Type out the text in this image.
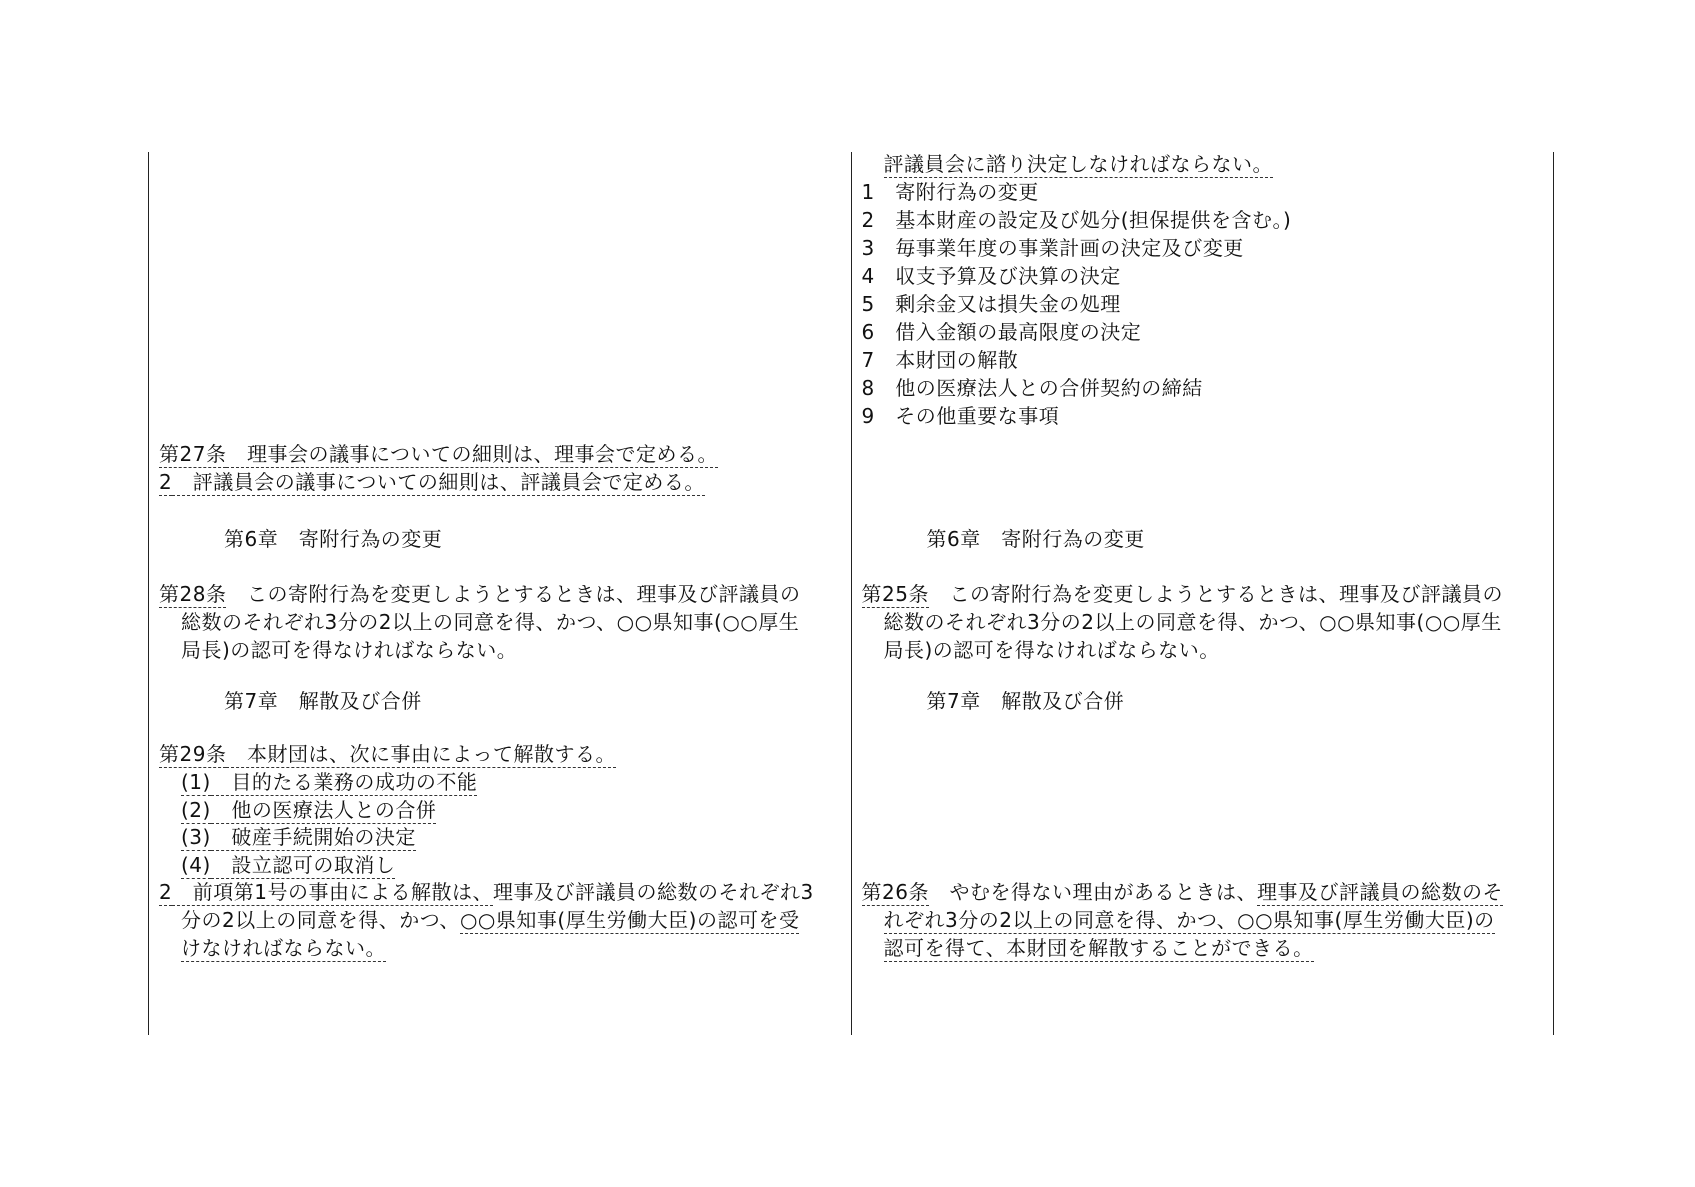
第27条　理事会の議事についての細則は、理事会で定める。
2　評議員会の議事についての細則は、評議員会で定める。
第6章　寄附行為の変更
第28条　この寄附行為を変更しようとするときは、理事及び評議員の
総数のそれぞれ3分の2以上の同意を得、かつ、○○県知事(○○厚生
局長)の認可を得なければならない。
第7章　解散及び合併
第29条　本財団は、次に事由によって解散する。
(1)　目的たる業務の成功の不能
(2)　他の医療法人との合併
(3)　破産手続開始の決定
(4)　設立認可の取消し
2　前項第1号の事由による解散は、理事及び評議員の総数のそれぞれ3
分の2以上の同意を得、かつ、○○県知事(厚生労働大臣)の認可を受
けなければならない。
評議員会に諮り決定しなければならない。
1　寄附行為の変更
2　基本財産の設定及び処分(担保提供を含む。)
3　毎事業年度の事業計画の決定及び変更
4　収支予算及び決算の決定
5　剰余金又は損失金の処理
6　借入金額の最高限度の決定
7　本財団の解散
8　他の医療法人との合併契約の締結
9　その他重要な事項
第6章　寄附行為の変更
第25条　この寄附行為を変更しようとするときは、理事及び評議員の
総数のそれぞれ3分の2以上の同意を得、かつ、○○県知事(○○厚生
局長)の認可を得なければならない。
第7章　解散及び合併
第26条　やむを得ない理由があるときは、理事及び評議員の総数のそ
れぞれ3分の2以上の同意を得、かつ、○○県知事(厚生労働大臣)の
認可を得て、本財団を解散することができる。
